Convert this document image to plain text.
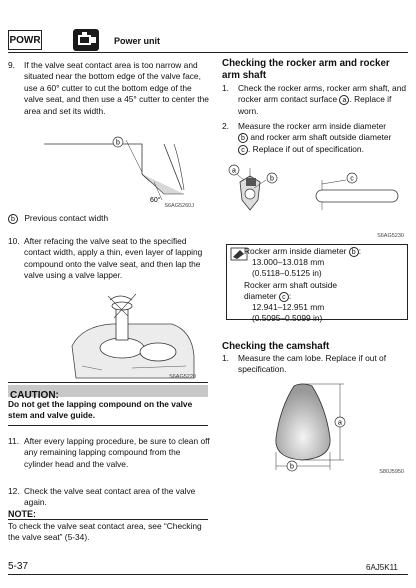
POWR	Power unit
9. If the valve seat contact area is too narrow and situated near the bottom edge of the valve face, use a 60° cutter to cut the bottom edge of the valve seat, and then use a 45° cutter to center the area and set its width.
b
60°
S6AG5260J
b Previous contact width
10. After refacing the valve seat to the specified contact width, apply a thin, even layer of lapping compound onto the valve seat, and then lap the valve using a valve lapper.
S6AG5220
CAUTION:
Do not get the lapping compound on the valve stem and valve guide.
11. After every lapping procedure, be sure to clean off any remaining lapping compound from the cylinder head and the valve.
12. Check the valve seat contact area of the valve again.
NOTE:
To check the valve seat contact area, see “Checking the valve seat” (5-34).
Checking the rocker arm and rocker arm shaft
1. Check the rocker arms, rocker arm shaft, and rocker arm contact surface a . Replace if worn.
2. Measure the rocker arm inside diameter
b and rocker arm shaft outside diameter
c . Replace if out of specification.
a
b	c
S6AG5230
Rocker arm inside diameter b :
13.000–13.018 mm
(0.5118–0.5125 in)
Rocker arm shaft outside
diameter c :
12.941–12.951 mm
(0.5095–0.5099 in)
Checking the camshaft
1. Measure the cam lobe. Replace if out of specification.
a
b
S80J5950
5-37	6AJ5K11
